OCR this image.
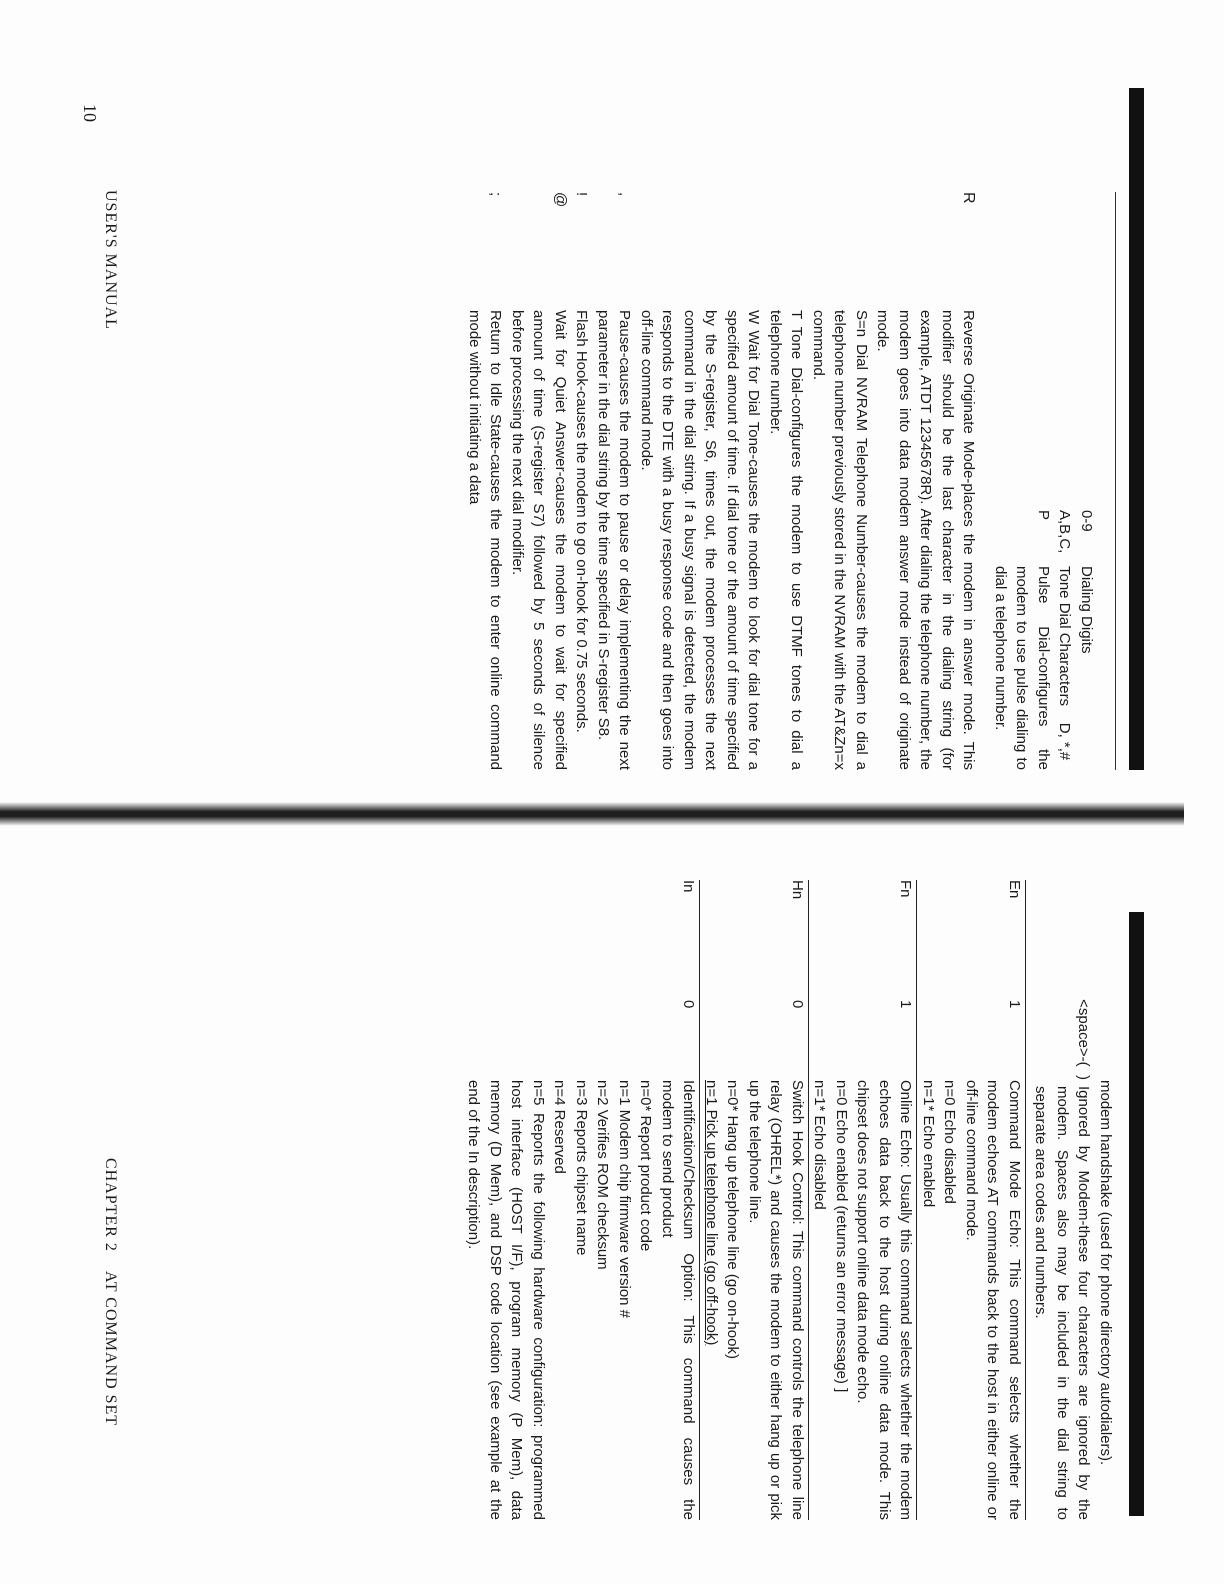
10
USER'S MANUAL
0-9
Dialing Digits
A,B,C,
Tone Dial Characters    D, *,#
P
Pulse Dial-configures the modem to use pulse dialing to dial a telephone number.
R
Reverse Originate Mode-places the modem in answer mode. This modifier should be the last character in the dialing string (for example, ATDT 12345678R). After dialing the telephone number, the modem goes into data modem answer mode instead of originate mode.
S=n Dial NVRAM Telephone Number-causes the modem to dial a telephone number previously stored in the NVRAM with the AT&Zn=x command.
T Tone Dial-configures the modem to use DTMF tones to dial a telephone number.
W Wait for Dial Tone-causes the modem to look for dial tone for a specified amount of time. If dial tone or the amount of time specified by the S-register, S6, times out, the modem processes the next command in the dial string. If a busy signal is detected, the modem responds to the DTE with a busy response code and then goes into off-line command mode.
,
Pause-causes the modem to pause or delay implementing the next parameter in the dial string by the time specified in S-register S8.
!
Flash Hook-causes the modem to go on-hook for 0.75 seconds.
@
Wait for Quiet Answer-causes the modem to wait for specified amount of time (S-register S7) followed by 5 seconds of silence before processing the next dial modifier.
;
Return to Idle State-causes the modem to enter online command mode without initiating a data
CHAPTER 2    AT COMMAND SET	modem handshake (used for phone directory autodialers).
<space>-(  )
Ignored by Modem-these four characters are ignored by the modem. Spaces also may be included in the dial string to separate area codes and numbers.
En
1
Command Mode Echo: This command selects whether the modem echoes AT commands back to the host in either online or off-line command mode.
n=0 Echo disabled
n=1* Echo enabled
Fn
1
Online Echo: Usually this command selects whether the modem echoes data back to the host during online data mode. This chipset does not support online data mode echo.
n=0 Echo enabled (returns an error message) ]
n=1* Echo disabled
Hn
0
Switch Hook Control: This command controls the telephone line relay (OHREL*) and causes the modem to either hang up or pick up the telephone line.
n=0* Hang up telephone line (go on-hook)
n=1 Pick up telephone line (go off-hook)
In
0
Identification/Checksum Option: This command causes the modem to send product
n=0* Report product code
n=1 Modem chip firmware version #
n=2 Verifies ROM checksum
n=3 Reports chipset name
n=4 Reserved
n=5 Reports the following hardware configuration: programmed host interface (HOST I/F), program memory (P Mem), data memory (D Mem), and DSP code location (see example at the end of the In description).
